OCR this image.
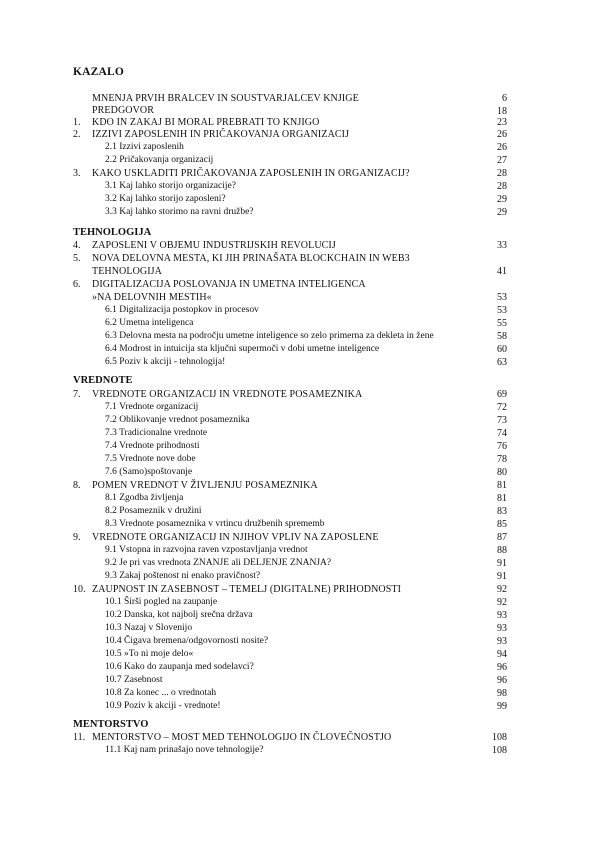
KAZALO
MNENJA PRVIH BRALCEV IN SOUSTVARJALCEV KNJIGE	6
PREDGOVOR	18
1. KDO IN ZAKAJ BI MORAL PREBRATI TO KNJIGO	23
2. IZZIVI ZAPOSLENIH IN PRIČAKOVANJA ORGANIZACIJ	26
2.1 Izzivi zaposlenih	26
2.2 Pričakovanja organizacij	27
3. KAKO USKLADITI PRIČAKOVANJA ZAPOSLENIH IN ORGANIZACIJ?	28
3.1 Kaj lahko storijo organizacije?	28
3.2 Kaj lahko storijo zaposleni?	29
3.3 Kaj lahko storimo na ravni družbe?	29
TEHNOLOGIJA
4. ZAPOSLENI V OBJEMU INDUSTRIJSKIH REVOLUCIJ	33
5. NOVA DELOVNA MESTA, KI JIH PRINAŠATA BLOCKCHAIN IN WEB3
TEHNOLOGIJA	41
6. DIGITALIZACIJA POSLOVANJA IN UMETNA INTELIGENCA
»NA DELOVNIH MESTIH«	53
6.1 Digitalizacija postopkov in procesov	53
6.2 Umetna inteligenca	55
6.3 Delovna mesta na področju umetne inteligence so zelo primerna za dekleta in žene	58
6.4 Modrost in intuicija sta ključni supermoči v dobi umetne inteligence	60
6.5 Poziv k akciji - tehnologija!	63
VREDNOTE
7. VREDNOTE ORGANIZACIJ IN VREDNOTE POSAMEZNIKA	69
7.1 Vrednote organizacij	72
7.2 Oblikovanje vrednot posameznika	73
7.3 Tradicionalne vrednote	74
7.4 Vrednote prihodnosti	76
7.5 Vrednote nove dobe	78
7.6 (Samo)spoštovanje	80
8. POMEN VREDNOT V ŽIVLJENJU POSAMEZNIKA	81
8.1 Zgodba življenja	81
8.2 Posameznik v družini	83
8.3 Vrednote posameznika v vrtincu družbenih sprememb	85
9. VREDNOTE ORGANIZACIJ IN NJIHOV VPLIV NA ZAPOSLENE	87
9.1 Vstopna in razvojna raven vzpostavljanja vrednot	88
9.2 Je pri vas vrednota ZNANJE ali DELJENJE ZNANJA?	91
9.3 Zakaj poštenost ni enako pravičnost?	91
10. ZAUPNOST IN ZASEBNOST – TEMELJ (DIGITALNE) PRIHODNOSTI	92
10.1 Širši pogled na zaupanje	92
10.2 Danska, kot najbolj srečna država	93
10.3 Nazaj v Slovenijo	93
10.4 Čigava bremena/odgovornosti nosite?	93
10.5 »To ni moje delo«	94
10.6 Kako do zaupanja med sodelavci?	96
10.7 Zasebnost	96
10.8 Za konec ... o vrednotah	98
10.9 Poziv k akciji - vrednote!	99
MENTORSTVO
11. MENTORSTVO – MOST MED TEHNOLOGIJO IN ČLOVEČNOSTJO	108
11.1 Kaj nam prinašajo nove tehnologije?	108
